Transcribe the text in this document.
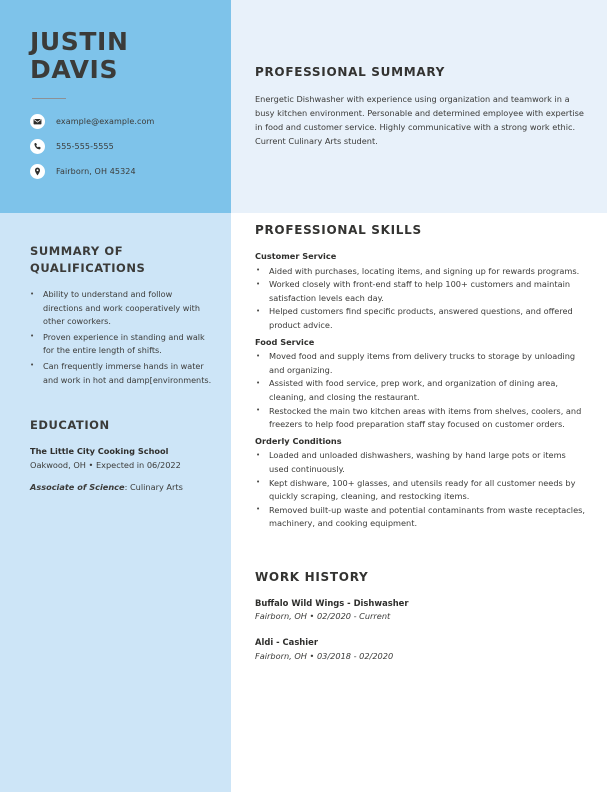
JUSTIN
DAVIS
example@example.com
555-555-5555
Fairborn, OH 45324
SUMMARY OF QUALIFICATIONS
• Ability to understand and follow directions and work cooperatively with other coworkers.
• Proven experience in standing and walk for the entire length of shifts.
• Can frequently immerse hands in water and work in hot and damp[environments.
EDUCATION
The Little City Cooking School
Oakwood, OH • Expected in 06/2022
Associate of Science: Culinary Arts
PROFESSIONAL SUMMARY

Energetic Dishwasher with experience using organization and teamwork in a busy kitchen environment. Personable and determined employee with expertise in food and customer service. Highly communicative with a strong work ethic. Current Culinary Arts student.

PROFESSIONAL SKILLS
Customer Service
• Aided with purchases, locating items, and signing up for rewards programs.
• Worked closely with front-end staff to help 100+ customers and maintain satisfaction levels each day.
• Helped customers find specific products, answered questions, and offered product advice.
Food Service
• Moved food and supply items from delivery trucks to storage by unloading and organizing.
• Assisted with food service, prep work, and organization of dining area, cleaning, and closing the restaurant.
• Restocked the main two kitchen areas with items from shelves, coolers, and freezers to help food preparation staff stay focused on customer orders.
Orderly Conditions
• Loaded and unloaded dishwashers, washing by hand large pots or items used continuously.
• Kept dishware, 100+ glasses, and utensils ready for all customer needs by quickly scraping, cleaning, and restocking items.
• Removed built-up waste and potential contaminants from waste receptacles, machinery, and cooking equipment.
WORK HISTORY
Buffalo Wild Wings - Dishwasher
Fairborn, OH • 02/2020 - Current
Aldi - Cashier
Fairborn, OH • 03/2018 - 02/2020
